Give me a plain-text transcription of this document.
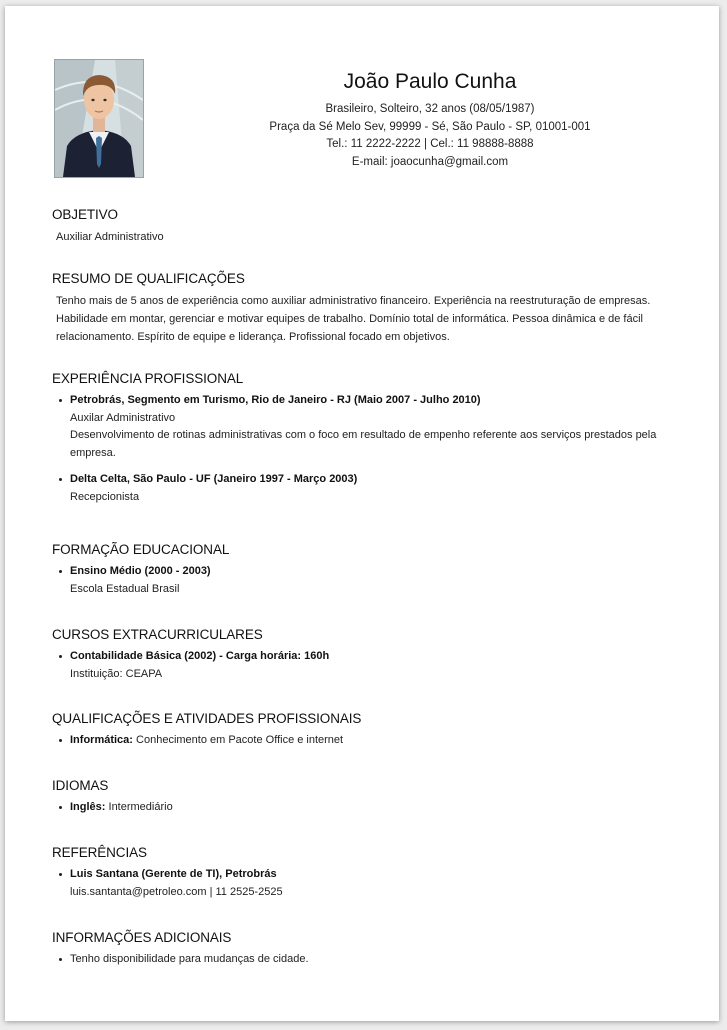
João Paulo Cunha
Brasileiro, Solteiro, 32 anos (08/05/1987)
Praça da Sé Melo Sev, 99999 - Sé, São Paulo - SP, 01001-001
Tel.: 11 2222-2222 | Cel.: 11 98888-8888
E-mail: joaocunha@gmail.com
OBJETIVO

Auxiliar Administrativo

RESUMO DE QUALIFICAÇÕES

Tenho mais de 5 anos de experiência como auxiliar administrativo financeiro. Experiência na reestruturação de empresas. Habilidade em montar, gerenciar e motivar equipes de trabalho. Domínio total de informática. Pessoa dinâmica e de fácil relacionamento. Espírito de equipe e liderança. Profissional focado em objetivos.

EXPERIÊNCIA PROFISSIONAL
Petrobrás, Segmento em Turismo, Rio de Janeiro - RJ (Maio 2007 - Julho 2010)
Auxilar Administrativo
Desenvolvimento de rotinas administrativas com o foco em resultado de empenho referente aos serviços prestados pela empresa.
Delta Celta, São Paulo - UF (Janeiro 1997 - Março 2003)
Recepcionista
FORMAÇÃO EDUCACIONAL
Ensino Médio (2000 - 2003)
Escola Estadual Brasil
CURSOS EXTRACURRICULARES
Contabilidade Básica (2002) - Carga horária: 160h
Instituição: CEAPA
QUALIFICAÇÕES E ATIVIDADES PROFISSIONAIS
Informática: Conhecimento em Pacote Office e internet
IDIOMAS
Inglês: Intermediário
REFERÊNCIAS
Luis Santana (Gerente de TI), Petrobrás
luis.santanta@petroleo.com | 11 2525-2525
INFORMAÇÕES ADICIONAIS
Tenho disponibilidade para mudanças de cidade.
